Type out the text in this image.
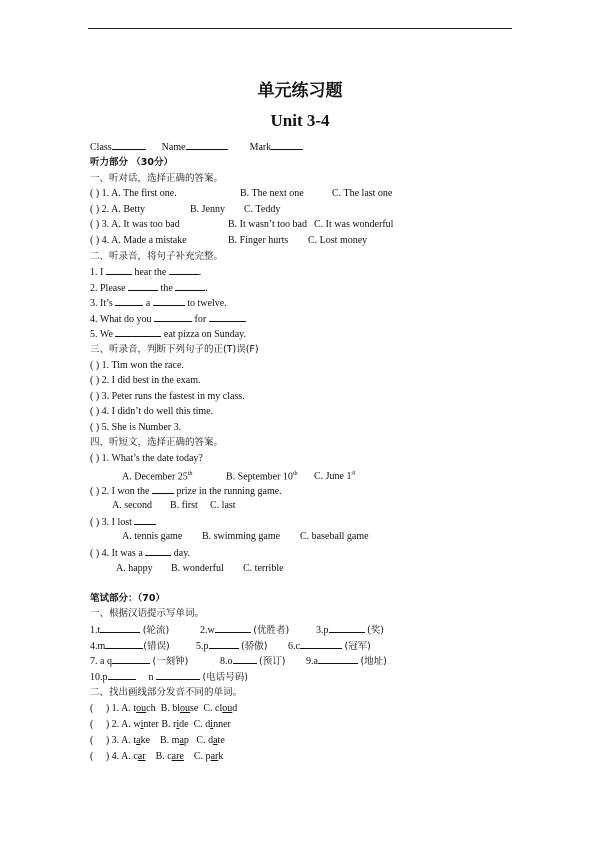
单元练习题
Unit 3-4
Class	Name	Mark
听力部分 （30分）
一、听对话，选择正确的答案。
( ) 1. A. The first one.	B. The next one	C. The last one
( ) 2. A. Betty	B. Jenny C. Teddy
( ) 3. A. It was too bad	B. It wasn’t too bad C. It was wonderful
( ) 4. A. Made a mistake	B. Finger hurts C. Lost money
二、听录音，将句子补充完整。
1. I	hear the	.
2. Please	the	.
3. It’s	a	to twelve.
4. What do you	for	.
5. We	eat pizza on Sunday.
三、听录音，判断下列句子的正(T)误(F)
( ) 1. Tim won the race.
( ) 2. I did best in the exam.
( ) 3. Peter runs the fastest in my class.
( ) 4. I didn’t do well this time.
( ) 5. She is Number 3.
四、听短文，选择正确的答案。
( ) 1. What’s the date today?
A. December 25th	B. September 10th C. June 1st
( ) 2. I won the	prize in the running game.
A. second B. first C. last
( ) 3. I lost
A. tennis game B. swimming game C. baseball game
( ) 4. It was a	day.
A. happy B. wonderful C. terrible
笔试部分：（70）
一、根据汉语提示写单词。
1.t	(轮流)	2.w	(优胜者)	3.p	(奖)
4.m	(错误)	5.p	(骄傲) 6.c	(冠军)
7. a q	(一刻钟)	8.o	(预订) 9.a	(地址)
10.p	n	(电话号码)
二、找出画线部分发音不同的单词。
(     ) 1. A. touch  B. blouse  C. cloud
(     ) 2. A. winter B. ride  C. dinner
(     ) 3. A. take    B. map   C. date
(     ) 4. A. car    B. care    C. park
